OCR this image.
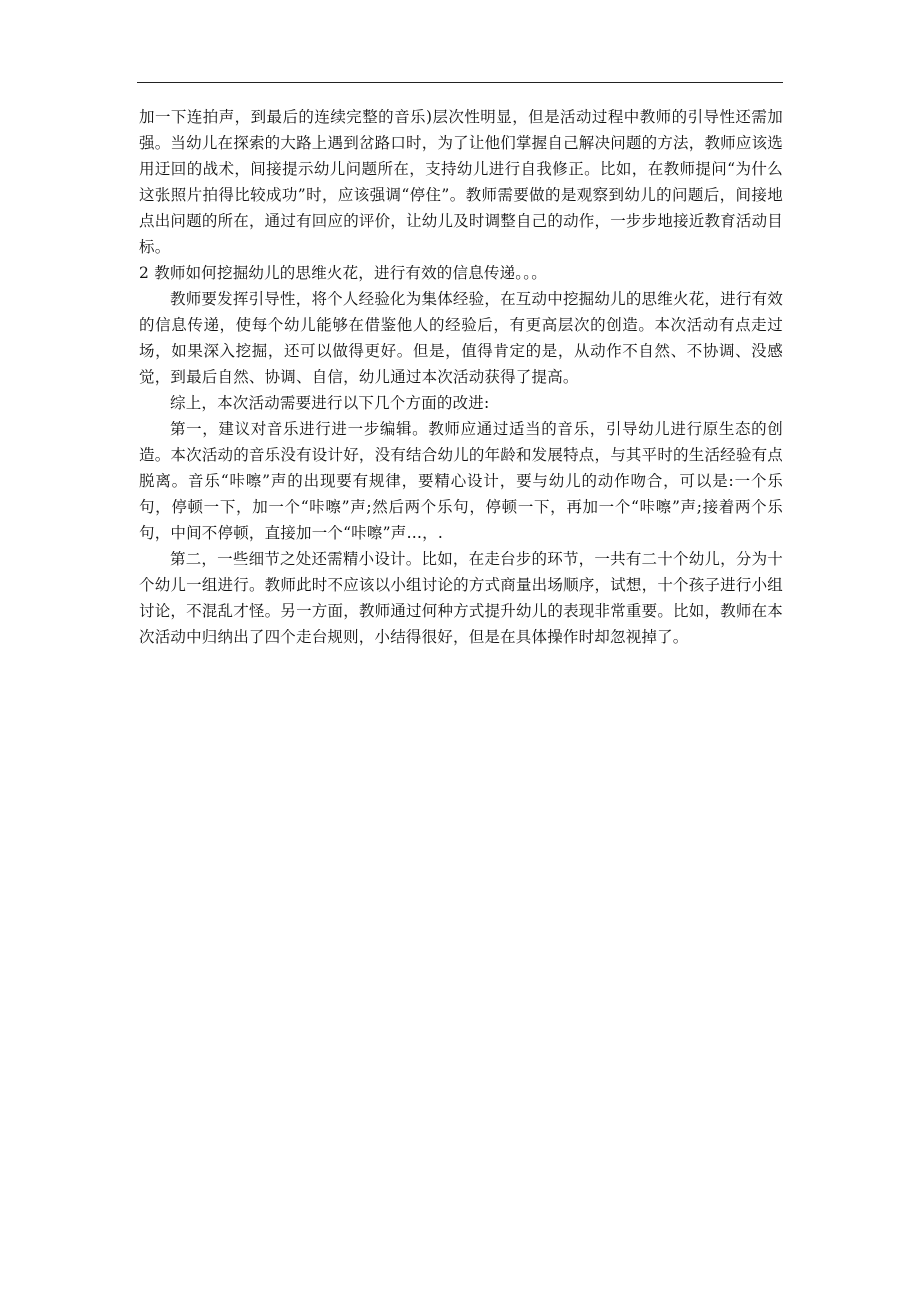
加一下连拍声，到最后的连续完整的音乐)层次性明显，但是活动过程中教师的引导性还需加强。当幼儿在探索的大路上遇到岔路口时，为了让他们掌握自己解决问题的方法，教师应该选用迂回的战术，间接提示幼儿问题所在，支持幼儿进行自我修正。比如，在教师提问“为什么这张照片拍得比较成功”时，应该强调“停住”。教师需要做的是观察到幼儿的问题后，间接地点出问题的所在，通过有回应的评价，让幼儿及时调整自己的动作，一步步地接近教育活动目标。

2 教师如何挖掘幼儿的思维火花，进行有效的信息传递。。。

教师要发挥引导性，将个人经验化为集体经验，在互动中挖掘幼儿的思维火花，进行有效的信息传递，使每个幼儿能够在借鉴他人的经验后，有更高层次的创造。本次活动有点走过场，如果深入挖掘，还可以做得更好。但是，值得肯定的是，从动作不自然、不协调、没感觉，到最后自然、协调、自信，幼儿通过本次活动获得了提高。

综上，本次活动需要进行以下几个方面的改进:

第一，建议对音乐进行进一步编辑。教师应通过适当的音乐，引导幼儿进行原生态的创造。本次活动的音乐没有设计好，没有结合幼儿的年龄和发展特点，与其平时的生活经验有点脱离。音乐“咔嚓”声的出现要有规律，要精心设计，要与幼儿的动作吻合，可以是:一个乐句，停顿一下，加一个“咔嚓”声;然后两个乐句，停顿一下，再加一个“咔嚓”声;接着两个乐句，中间不停顿，直接加一个“咔嚓”声…，.

第二，一些细节之处还需精小设计。比如，在走台步的环节，一共有二十个幼儿，分为十个幼儿一组进行。教师此时不应该以小组讨论的方式商量出场顺序，试想，十个孩子进行小组讨论，不混乱才怪。另一方面，教师通过何种方式提升幼儿的表现非常重要。比如，教师在本次活动中归纳出了四个走台规则，小结得很好，但是在具体操作时却忽视掉了。
